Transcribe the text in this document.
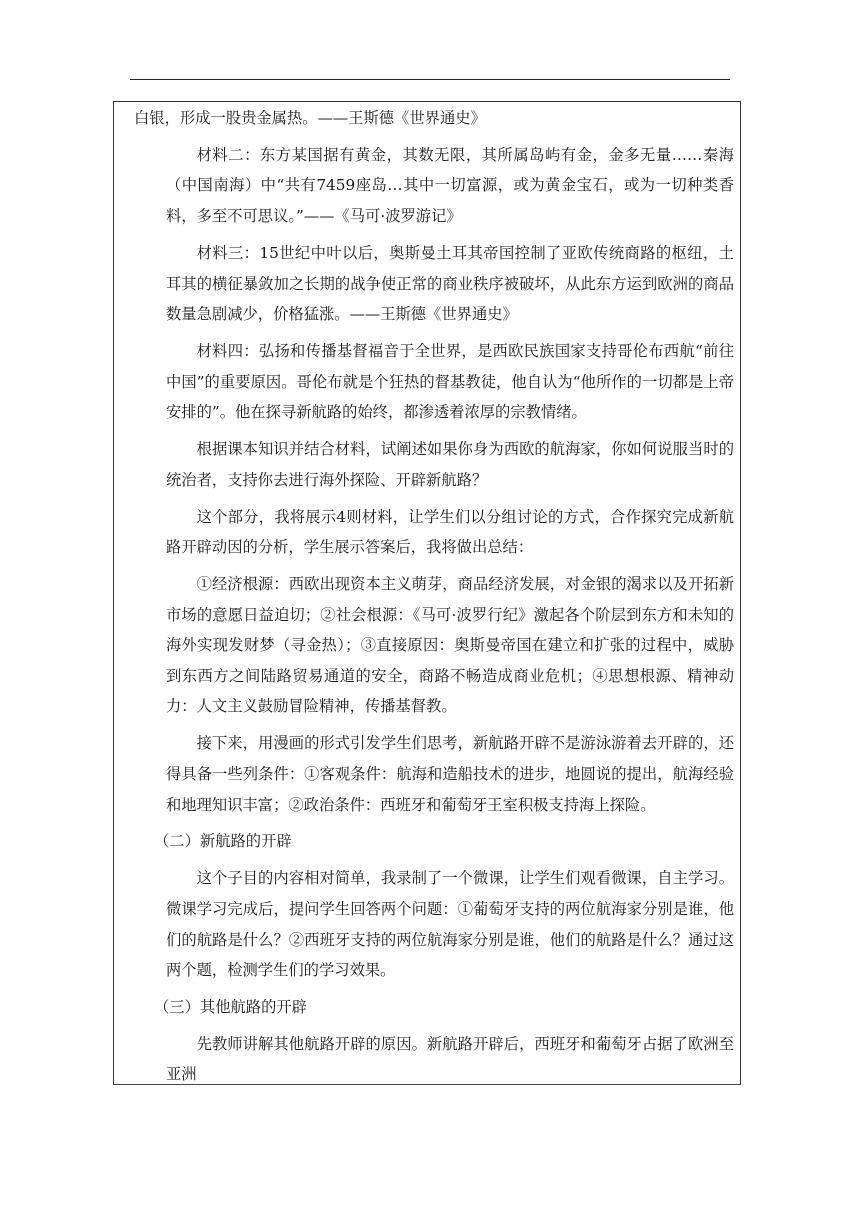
白银，形成一股贵金属热。——王斯德《世界通史》

材料二：东方某国据有黄金，其数无限，其所属岛屿有金，金多无量……秦海（中国南海）中“共有7459座岛…其中一切富源，或为黄金宝石，或为一切种类香料，多至不可思议。”——《马可·波罗游记》

材料三：15世纪中叶以后，奥斯曼土耳其帝国控制了亚欧传统商路的枢纽，土耳其的横征暴敛加之长期的战争使正常的商业秩序被破坏，从此东方运到欧洲的商品数量急剧减少，价格猛涨。——王斯德《世界通史》

材料四：弘扬和传播基督福音于全世界，是西欧民族国家支持哥伦布西航“前往中国”的重要原因。哥伦布就是个狂热的督基教徒，他自认为“他所作的一切都是上帝安排的”。他在探寻新航路的始终，都渗透着浓厚的宗教情绪。

根据课本知识并结合材料，试阐述如果你身为西欧的航海家，你如何说服当时的统治者，支持你去进行海外探险、开辟新航路？

这个部分，我将展示4则材料，让学生们以分组讨论的方式，合作探究完成新航路开辟动因的分析，学生展示答案后，我将做出总结：

①经济根源：西欧出现资本主义萌芽，商品经济发展，对金银的渴求以及开拓新市场的意愿日益迫切；②社会根源：《马可·波罗行纪》激起各个阶层到东方和未知的海外实现发财梦（寻金热）；③直接原因：奥斯曼帝国在建立和扩张的过程中，威胁到东西方之间陆路贸易通道的安全，商路不畅造成商业危机；④思想根源、精神动力：人文主义鼓励冒险精神，传播基督教。

接下来，用漫画的形式引发学生们思考，新航路开辟不是游泳游着去开辟的，还得具备一些列条件：①客观条件：航海和造船技术的进步，地圆说的提出，航海经验和地理知识丰富；②政治条件：西班牙和葡萄牙王室积极支持海上探险。

（二）新航路的开辟

这个子目的内容相对简单，我录制了一个微课，让学生们观看微课，自主学习。微课学习完成后，提问学生回答两个问题：①葡萄牙支持的两位航海家分别是谁，他们的航路是什么？②西班牙支持的两位航海家分别是谁，他们的航路是什么？通过这两个题，检测学生们的学习效果。

（三）其他航路的开辟

先教师讲解其他航路开辟的原因。新航路开辟后，西班牙和葡萄牙占据了欧洲至亚洲
